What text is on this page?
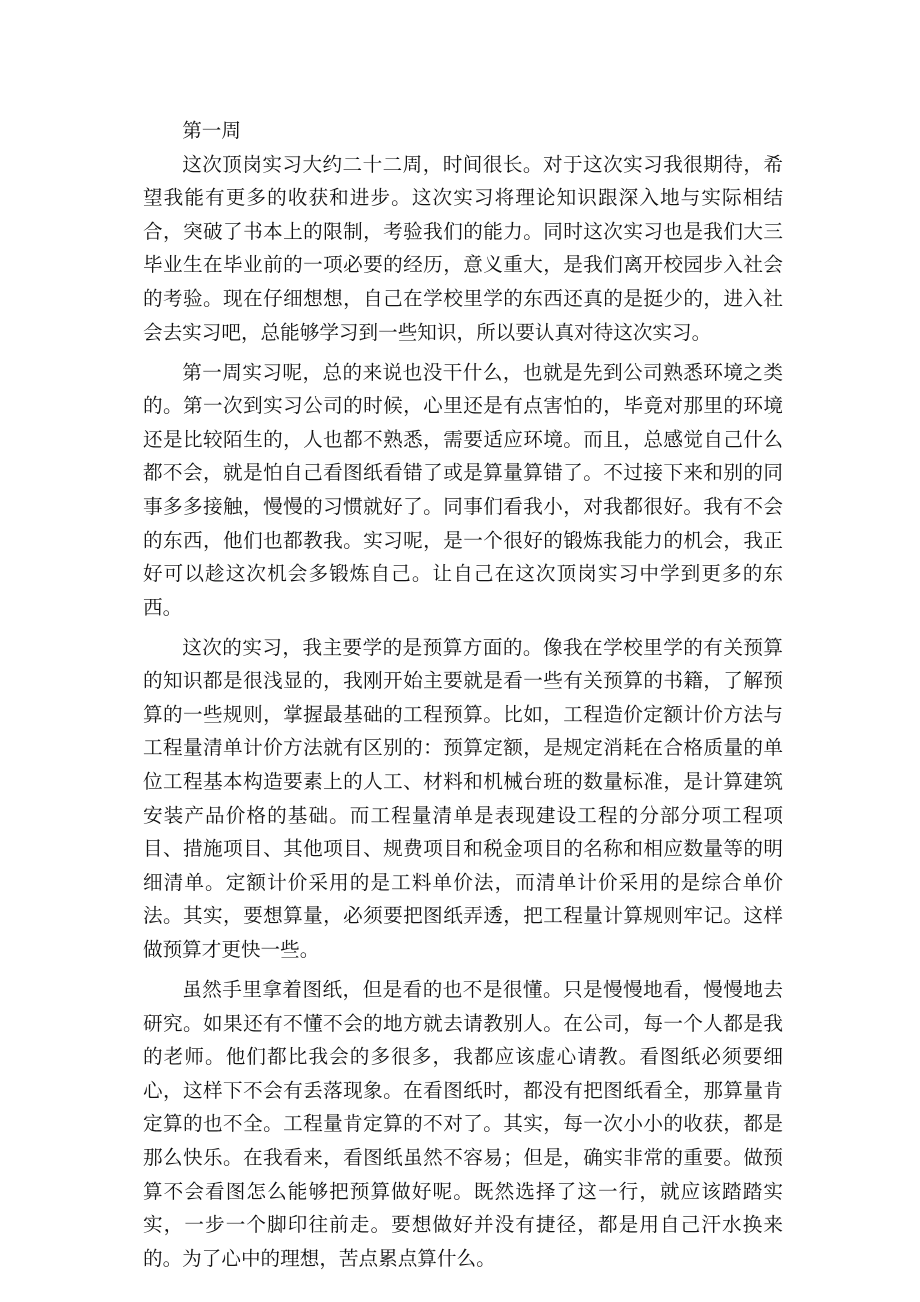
第一周

这次顶岗实习大约二十二周，时间很长。对于这次实习我很期待，希望我能有更多的收获和进步。这次实习将理论知识跟深入地与实际相结合，突破了书本上的限制，考验我们的能力。同时这次实习也是我们大三毕业生在毕业前的一项必要的经历，意义重大，是我们离开校园步入社会的考验。现在仔细想想，自己在学校里学的东西还真的是挺少的，进入社会去实习吧，总能够学习到一些知识，所以要认真对待这次实习。

第一周实习呢，总的来说也没干什么，也就是先到公司熟悉环境之类的。第一次到实习公司的时候，心里还是有点害怕的，毕竟对那里的环境还是比较陌生的，人也都不熟悉，需要适应环境。而且，总感觉自己什么都不会，就是怕自己看图纸看错了或是算量算错了。不过接下来和别的同事多多接触，慢慢的习惯就好了。同事们看我小，对我都很好。我有不会的东西，他们也都教我。实习呢，是一个很好的锻炼我能力的机会，我正好可以趁这次机会多锻炼自己。让自己在这次顶岗实习中学到更多的东西。

这次的实习，我主要学的是预算方面的。像我在学校里学的有关预算的知识都是很浅显的，我刚开始主要就是看一些有关预算的书籍，了解预算的一些规则，掌握最基础的工程预算。比如，工程造价定额计价方法与工程量清单计价方法就有区别的：预算定额，是规定消耗在合格质量的单位工程基本构造要素上的人工、材料和机械台班的数量标准，是计算建筑安装产品价格的基础。而工程量清单是表现建设工程的分部分项工程项目、措施项目、其他项目、规费项目和税金项目的名称和相应数量等的明细清单。定额计价采用的是工料单价法，而清单计价采用的是综合单价法。其实，要想算量，必须要把图纸弄透，把工程量计算规则牢记。这样做预算才更快一些。

虽然手里拿着图纸，但是看的也不是很懂。只是慢慢地看，慢慢地去研究。如果还有不懂不会的地方就去请教别人。在公司，每一个人都是我的老师。他们都比我会的多很多，我都应该虚心请教。看图纸必须要细心，这样下不会有丢落现象。在看图纸时，都没有把图纸看全，那算量肯定算的也不全。工程量肯定算的不对了。其实，每一次小小的收获，都是那么快乐。在我看来，看图纸虽然不容易；但是，确实非常的重要。做预算不会看图怎么能够把预算做好呢。既然选择了这一行，就应该踏踏实实，一步一个脚印往前走。要想做好并没有捷径，都是用自己汗水换来的。为了心中的理想，苦点累点算什么。
